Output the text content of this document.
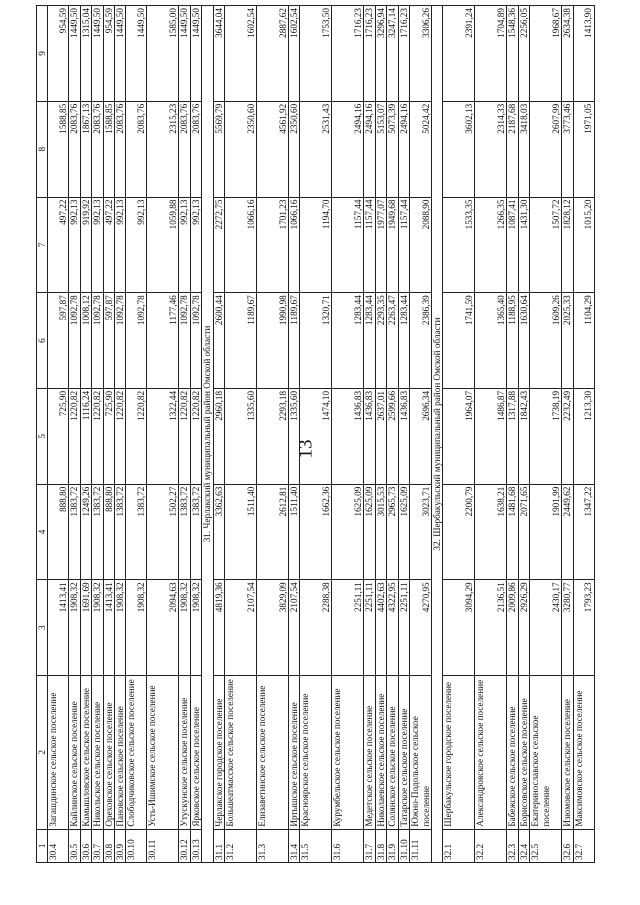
13
1	2	3	4	5	6	7	8	9
30.4	Загашдинское сельское поселение	1413,41	888,80	725,90	597,87	497,22	1588,85	954,59
30.5	Кайлинское сельское поселение	1908,32	1383,72	1220,82	1092,78	992,13	2083,76	1449,50
30.6	Камышловское сельское поселение	1691,69	1249,26	1116,24	1008,12	919,92	1867,13	1315,04
30.7	Никольское сельское поселение	1908,32	1383,72	1220,82	1092,78	992,13	2083,76	1449,50
30.8	Ореховское сельское поселение	1413,41	888,80	725,90	597,87	497,22	1588,85	954,59
30.9	Пановское сельское поселение	1908,32	1383,72	1220,82	1092,78	992,13	2083,76	1449,50
30.10	Слободчиковское сельское поселение	1908,32	1383,72	1220,82	1092,78	992,13	2083,76	1449,50
30.11	Усть-Ишимское сельское поселение	2094,63	1502,27	1322,44	1177,46	1059,88	2315,23	1585,00
30.12	Утускунское сельское поселение	1908,32	1383,72	1220,82	1092,78	992,13	2083,76	1449,50
30.13	Ярковское сельское поселение	1908,32	1383,72	1220,82	1092,78	992,13	2083,76	1449,50
31. Черлакский муниципальный район Омской области								
31.1	Черлакское городское поселение	4819,36	3362,63	2960,18	2600,44	2272,75	5569,79	3644,04
31.2	Большеатмасское сельское поселение	2107,54	1511,40	1335,60	1189,67	1066,16	2350,60	1602,54
31.3	Елизаветинское сельское поселение	3829,09	2612,81	2293,18	1990,98	1701,23	4561,92	2887,62
31.4	Иртышское сельское поселение	2107,54	1511,40	1335,60	1189,67	1066,16	2350,60	1602,54
31.5	Красноярское сельское поселение	2288,38	1662,36	1474,10	1320,71	1194,70	2531,43	1753,50
31.6	Курумбельское сельское поселение	2251,11	1625,09	1436,83	1283,44	1157,44	2494,16	1716,23
31.7	Медетское сельское поселение	2251,11	1625,09	1436,83	1283,44	1157,44	2494,16	1716,23
31.8	Николаевское сельское поселение	4402,63	3015,53	2637,01	2293,35	1977,07	5153,07	3296,94
31.9	Солянское сельское поселение	4322,95	2965,73	2599,66	2263,47	1949,68	5073,39	3247,14
31.10	Татарское сельское поселение	2251,11	1625,09	1436,83	1283,44	1157,44	2494,16	1716,23
31.11	Южно-Подольское сельское поселение	4270,95	3023,71	2696,34	2386,39	2088,90	5024,42	3306,26
32. Шербакульский муниципальный район Омской области								
32.1	Шербакульское городское поселение	3094,29	2200,79	1964,07	1741,59	1533,35	3602,13	2391,24
32.2	Александровское сельское поселение	2136,51	1638,21	1486,87	1365,40	1266,35	2314,33	1704,89
32.3	Бабежское сельское поселение	2009,86	1481,68	1317,88	1188,95	1087,41	2187,68	1548,36
32.4	Борисовское сельское поселение	2926,29	2071,65	1842,43	1630,64	1431,30	3418,03	2256,05
32.5	Екатеринославское сельское поселение	2430,17	1901,99	1738,19	1609,26	1507,72	2607,99	1968,67
32.6	Изюмовское сельское поселение	3280,77	2449,62	2232,49	2025,33	1828,12	3773,46	2634,38
32.7	Максимовское сельское поселение	1793,23	1347,22	1213,30	1104,29	1015,20	1971,05	1413,90
